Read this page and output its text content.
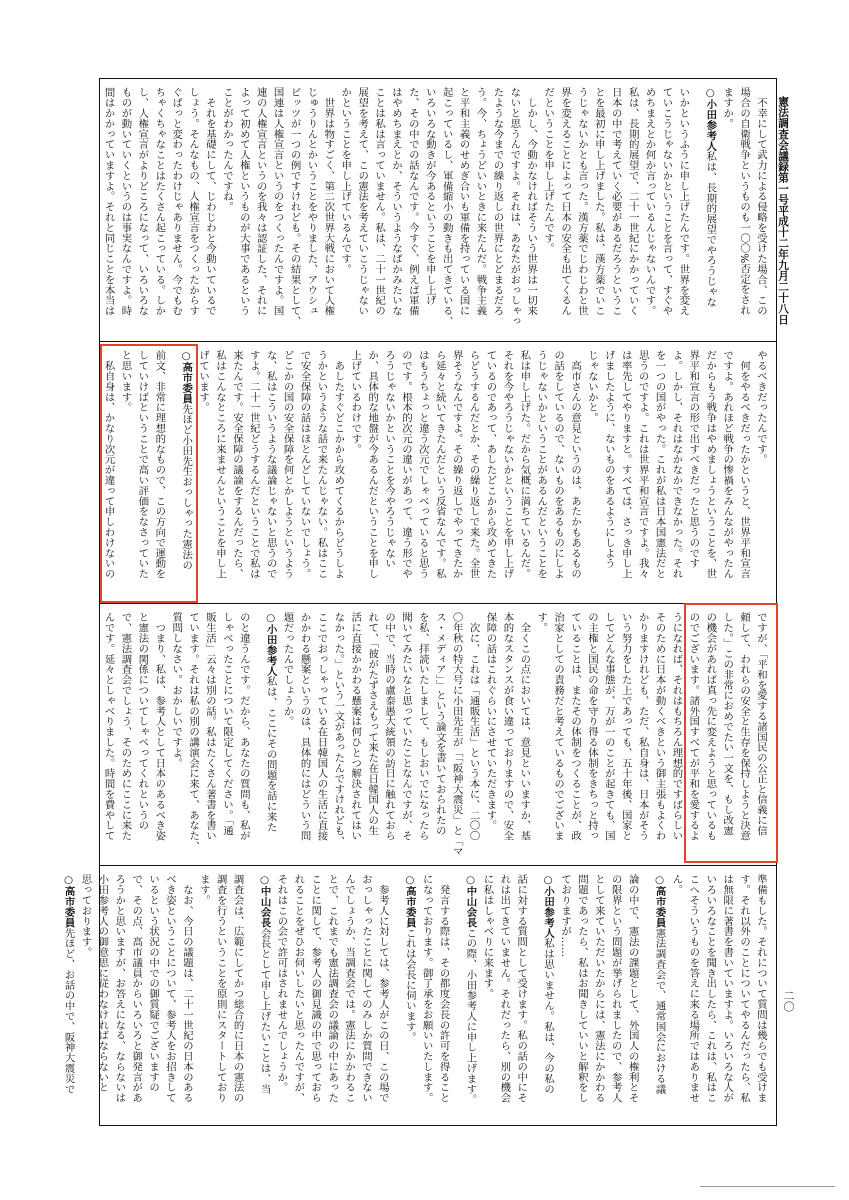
憲法調査会議録第一号平成十二年九月二十八日
　不幸にして武力による侵略を受けた場合、この
場合の自衛戦争というものも一〇〇%否定をされ
ますか。
○小田参考人私は、長期的展望でやろうじゃな
いかというふうに申し上げたんです。世界を変え
ていこうじゃないかということを言って、すぐや
めちまえとか何か言っているんじゃないんです。
私は、長期的展望で、二十一世紀にかかっていく
日本の中で考えていく必要があるだろうというこ
とを最初に申し上げました。私は、漢方薬でいこ
うじゃないかとも言った。漢方薬でじわじわと世
界を変えることによって日本の安全も出てくるん
だということを申し上げたんです。
　しかし、今動かなければそういう世界は一切来
ないと思うんですよ。それは、あなたがおっしゃっ
たような今までの繰り返しの世界にとどまるだろ
う。今、ちょうどいいときに来たんだ。戦争主義
と平和主義のせめぎ合いも軍備を持っている国に
起こっているし、軍備縮小の動きも出てきている、
いろいろな動きが今あるということを申し上げ
た、その中での話なんです。今すぐ、例えば軍備
はやめちまえとか、そういうようなばかみたいな
ことは私は言っていません。私は、二十一世紀の
展望を考えて、この憲法を考えていこうじゃない
かということを申し上げているんです。
　世界は物すごく、第二次世界大戦において人権
じゅうりんとかいうことをやりました、アウシュ
ビッツが一つの例ですけれども。その結果として、
国連は人権宣言というのをつくったんですよ。国
連の人権宣言というのを我々は認証した、それに
よって初めて人権というものが大事であるという
ことがわかったんですね。
　それを基礎にして、じわじわと今動いているで
しょう。そんなもの、人権宣言をつくったからす
ぐぱっと変わったわけじゃありません。今でもむ
ちゃくちゃなことはたくさん起こっている。しか
し、人権宣言がよりどころになって、いろいろな
ものが動いていくというのは事実なんですよ。時
間はかかっていますよ。それと同じことを本当は
やるべきだったんです。
　何をやるべきだったかというと、世界平和宣言
ですよ。あれほど戦争の惨禍をみんながやったん
だからもう戦争はやめましょうということを、世
界平和宣言の形で出すべきだったと思うのです
よ。しかし、それはなかなかできなかった。それ
を一つの国がやった。これが私は日本国憲法だと
思うのですよ。これは世界平和宣言ですよ。我々
は率先してやりますと。すべては、さっき申し上
げましたように、ないものをあるようにしよう
じゃないかと。
　高市さんの意見というのは、あたかもあるもの
の話をしているので、ないものをあるものにしよ
うじゃないかということがあるんだということを
私は申し上げた。だから気概に満ちているんだ。
それを今やろうじゃないかということを申し上げ
ているのであって、あしたどこかから攻めてきた
らどうするんだとか、その繰り返しで来た。全世
界そうなんですよ。その繰り返しでやってきたか
ら延々と続いてきたんだという反省なんです。私
はもうちょっと違う次元でしゃべっていると思う
のです。根本的次元の違いがあって、違う形でや
ろうじゃないかということを今やろうじゃない
か、具体的な地盤が今あるんだということを申し
上げているわけです。
　あしたすぐどこかから攻めてくるからどうしよ
うかというような話で来たんじゃない。私はここ
で安全保障の話はほとんどしていないでしょう。
どこかの国の安全保障を何とかしようというよう
な、私はこういうような議論じゃないと思うので
すよ。二十一世紀どうするんだということで私は
来たんです。安全保障の議論をするんだったら、
私はこんなところに来ませんということを申し上
げています。
○高市委員先ほど小田先生おっしゃった憲法の
前文、非常に理想的なもので、この方向で運動を
していけばということで高い評価をなさっていた
と思います。
　私自身は、かなり次元が違って申しわけないの
ですが、「平和を愛する諸国民の公正と信義に信
頼して、われらの安全と生存を保持しようと決意
した。」この非常におめでたい一文を、もし改憲
の機会があれば真っ先に変えようと思っているも
のでございます。諸外国すべてが平和を愛するよ
うになれば、それはもちろん理想的ですばらしい
そのために日本が動くべきという御主張もよくわ
かりますけれども、ただ、私自身は、日本がそう
いう努力をした上であっても、五十年後、国家と
してどんな事態が、万が一のことが起きても、国
の主権と国民の命を守り得る体制をきちっと持っ
ていることは、またその体制をつくることが、政
治家としての責務だと考えているものでございま
す。
　全くこの点においては、意見といいますか、基
本的なスタンスが食い違っておりますので、安全
保障の話はこれぐらいにさせていただきます。
　次に、これは「通販生活」という本に、二〇〇
〇年秋の特大号に小田先生が「「阪神大震災」と「マ
ス・メディア」」という論文を書いておられたの
を私、拝読いたしまして、もしおいでになったら
聞いてみたいなと思っていたことなんですが、そ
の中で、当時の盧泰愚大統領の訪日に触れておら
れて、「彼がたずさえもって来た在日韓国人の生
活に直接かかわる懸案は何ひとつ解決されてはい
なかった。」という一文があったんですけれども、
ここでおっしゃっている在日韓国人の生活に直接
かかわる懸案というのは、具体的にはどういう問
題だったんでしょうか。
○小田参考人私は、ここにその問題を話に来た
のと違うんです。だから、あなたの質問も、私が
しゃべったことについて限定してください。「通
販生活」云々は別の話。私はたくさん著書を書い
ています。それは私の別の講演会に来て、あなた、
質問しなさい。おかしいですよ。
　つまり、私は、参考人として日本のあるべき姿
と憲法の関係についてしゃべってくれというの
で、憲法調査会でしょう、そのためにここに来た
んです。延々としゃべりました。時間を費やして
準備もした。それについて質問は幾らでも受けま
す。それ以外のことについてやるんだったら、私
は無限に著書を書いていますよ。いろいろな人が
いろいろなことを聞き出したら、これは、私はこ
こへそういうものを答えに来る場所ではありませ
ん。
○高市委員憲法調査会で、通常国会における議
論の中で、憲法の課題として、外国人の権利とそ
の限界という問題が挙げられましたので、参考人
として来ていただいたからには、憲法にかかわる
問題であったら、私はお聞きしていいと解釈をし
ておりますが……
○小田参考人私は思いません。私は、今の私の
話に対する質問として受けます。私の話の中にそ
れは出てきていません。それだったら、別の機会
に私はしゃべりに来ます。
○中山会長この際、小田参考人に申し上げます。
　発言する際は、その都度会長の許可を得ること
になっております。御了承をお願いいたします。
○高市委員これは会長に伺います。
　参考人に対しては、参考人がこの日、この場で
おっしゃったことに関してのみしか質問できない
んでしょうか、当調査会では。憲法にかかわるこ
とで、これまでも憲法調査会の議論の中にあった
ことに関して、参考人の御見識の中で思っておら
れることをぜひお伺いしたいと思ったんですが、
それはこの会で許可はされませんでしょうか。
○中山会長会長として申し上げたいことは、当
調査会は、広範にしてかつ総合的に日本の憲法の
調査を行うということを原則にスタートしており
ます。
　なお、今日の議題は、二十一世紀の日本のある
べき姿ということについて、参考人をお招きして
いるという状況の中での御質疑でございますの
で、その点、高市議員からいろいろと御発言があ
ろうかと思いますが、お答えになる、ならないは
小田参考人の御意思に従わなければならないと
思っております。
○高市委員先ほど、お話の中で、阪神大震災で	二〇
